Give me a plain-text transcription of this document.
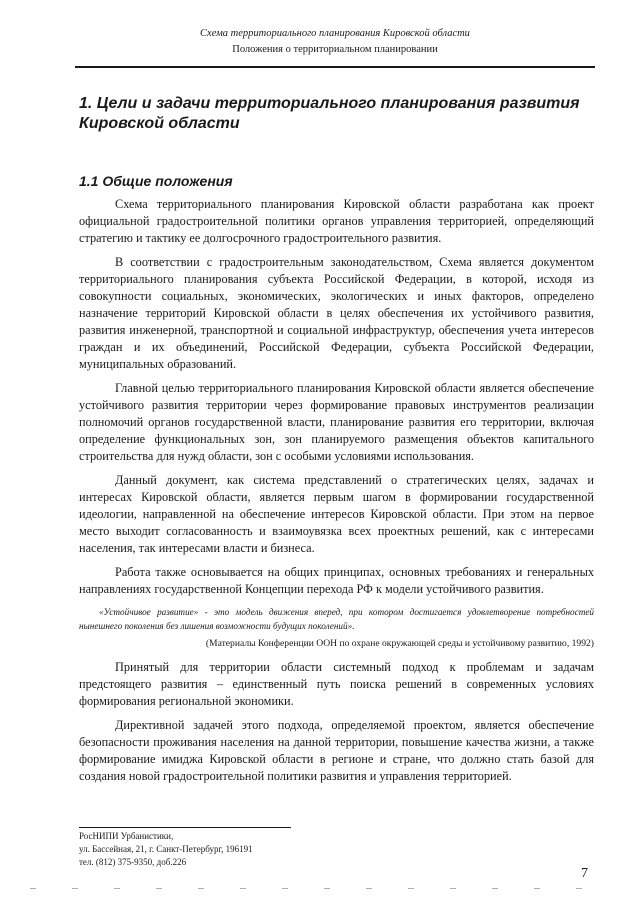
Схема территориального планирования Кировской области
Положения о территориальном планировании
1. Цели и задачи территориального планирования развития Кировской области
1.1 Общие положения

Схема территориального планирования Кировской области разработана как проект официальной градостроительной политики органов управления территорией, определяющий стратегию и тактику ее долгосрочного градостроительного развития.

В соответствии с градостроительным законодательством, Схема является документом территориального планирования субъекта Российской Федерации, в которой, исходя из совокупности социальных, экономических, экологических и иных факторов, определено назначение территорий Кировской области в целях обеспечения их устойчивого развития, развития инженерной, транспортной и социальной инфраструктур, обеспечения учета интересов граждан и их объединений, Российской Федерации, субъекта Российской Федерации, муниципальных образований.

Главной целью территориального планирования Кировской области является обеспечение устойчивого развития территории через формирование правовых инструментов реализации полномочий органов государственной власти, планирование развития его территории, включая определение функциональных зон, зон планируемого размещения объектов капитального строительства для нужд области, зон с особыми условиями использования.

Данный документ, как система представлений о стратегических целях, задачах и интересах Кировской области, является первым шагом в формировании государственной идеологии, направленной на обеспечение интересов Кировской области. При этом на первое место выходит согласованность и взаимоувязка всех проектных решений, как с интересами населения, так интересами власти и бизнеса.

Работа также основывается на общих принципах, основных требованиях и генеральных направлениях государственной Концепции перехода РФ к модели устойчивого развития.

«Устойчивое развитие» - это модель движения вперед, при котором достигается удовлетворение потребностей нынешнего поколения без лишения возможности будущих поколений».

(Материалы Конференции ООН по охране окружающей среды и устойчивому развитию, 1992)

Принятый для территории области системный подход к проблемам и задачам предстоящего развития – единственный путь поиска решений в современных условиях формирования региональной экономики.

Директивной задачей этого подхода, определяемой проектом, является обеспечение безопасности проживания населения на данной территории, повышение качества жизни, а также формирование имиджа Кировской области в регионе и стране, что должно стать базой для создания новой градостроительной политики развития и управления территорией.

РосНИПИ Урбанистики,
ул. Бассейная, 21, г. Санкт-Петербург, 196191
тел. (812) 375-9350, доб.226
7
